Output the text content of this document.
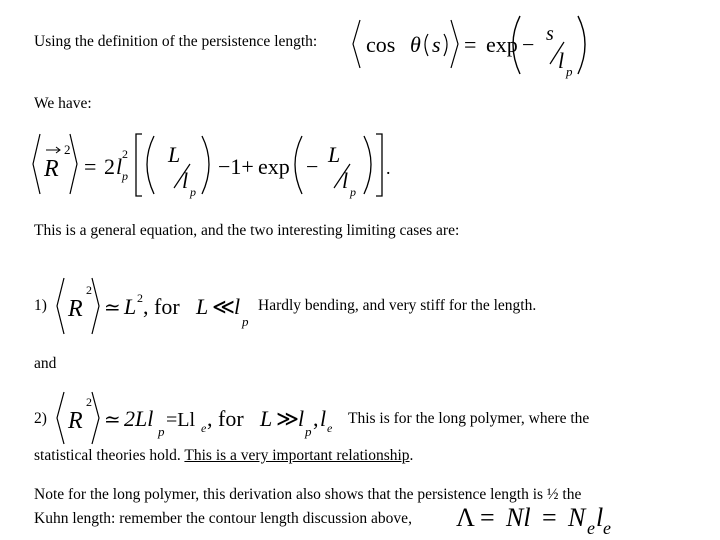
Using the definition of the persistence length: cos θ s = exp − s
l p
We have:
R
2
= 2 l 2
p
L
l p
−1+ exp − L
l p
.
This is a general equation, and the two interesting limiting cases are:
1) R
2
≃ L 2 , for L ≪
l
p
Hardly bending, and very stiff for the length.
and
2) R
2
≃ 2Ll
p
=Ll e , for L ≫
l
p
, l e
This is for the long polymer, where the
statistical theories hold. This is a very important relationship.
Note for the long polymer, this derivation also shows that the persistence length is ½ the
Kuhn length: remember the contour length discussion above, Λ = Nl = N e l e
